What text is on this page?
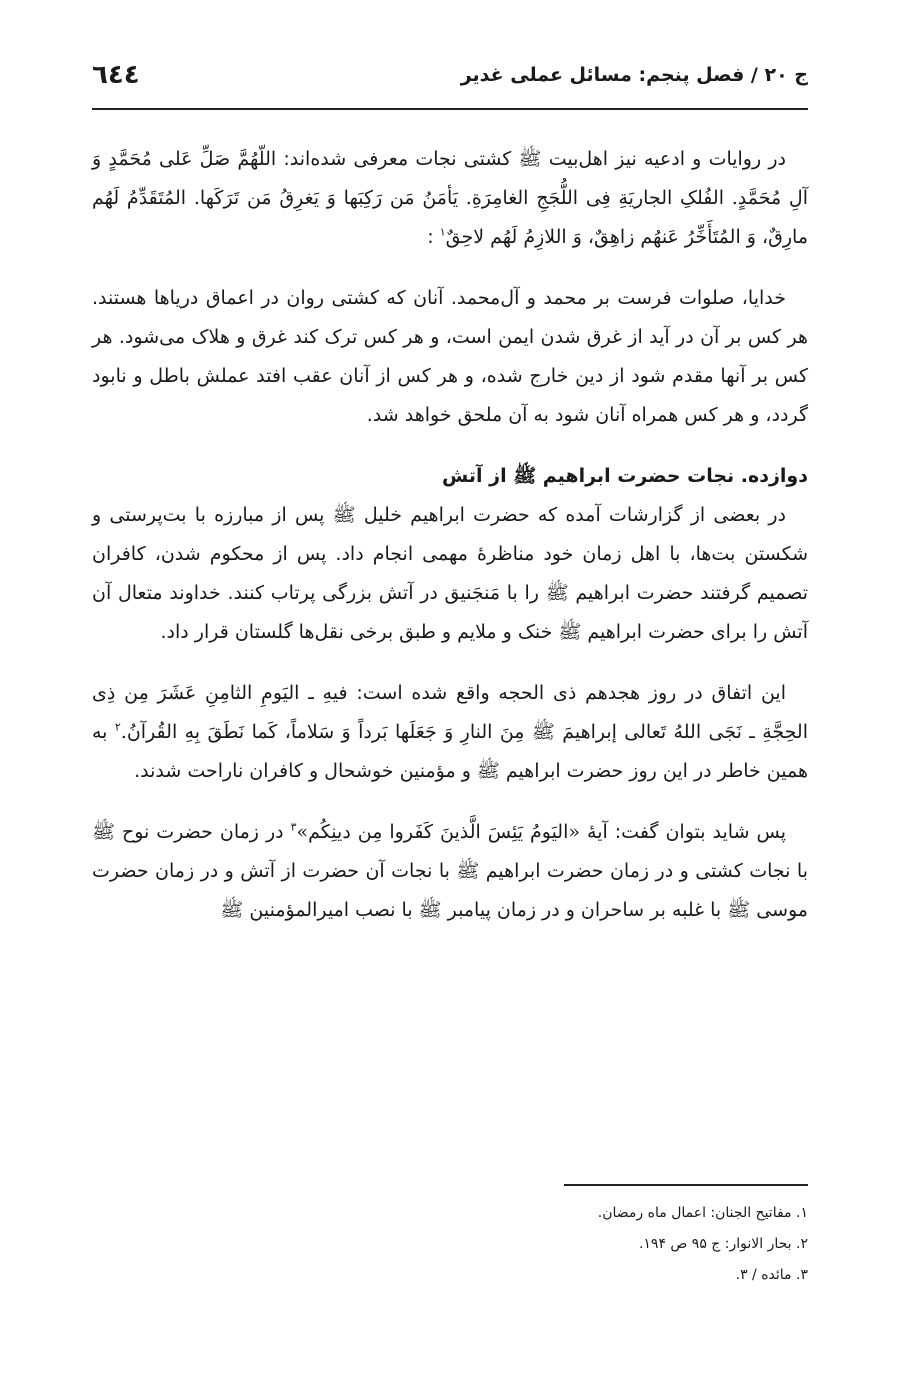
ج ۲۰ / فصل پنجم: مسائل عملی غدیر
٦٤٤

در روایات و ادعیه نیز اهل‌بیت ﷺ کشتی نجات معرفی شده‌اند: اللّهُمَّ صَلِّ عَلی مُحَمَّدٍ وَ آلِ مُحَمَّدٍ. الفُلکِ الجاریَةِ فِی اللُّجَجِ الغامِرَةِ. یَأمَنُ مَن رَکِبَها وَ یَغرِقُ مَن تَرَکَها. المُتَقَدِّمُ لَهُم مارِقٌ، وَ المُتَأَخِّرُ عَنهُم زاهِقٌ، وَ اللازِمُ لَهُم لاحِقٌ$^۱$ :

خدایا، صلوات فرست بر محمد و آل‌محمد. آنان که کشتی روان در اعماق دریاها هستند. هر کس بر آن در آید از غرق شدن ایمن است، و هر کس ترک کند غرق و هلاک می‌شود. هر کس بر آنها مقدم شود از دین خارج شده، و هر کس از آنان عقب افتد عملش باطل و نابود گردد، و هر کس همراه آنان شود به آن ملحق خواهد شد.

دوازده. نجات حضرت ابراهیم ﷺ از آتش

در بعضی از گزارشات آمده که حضرت ابراهیم خلیل ﷺ پس از مبارزه با بت‌پرستی و شکستن بت‌ها، با اهل زمان خود مناظرهٔ مهمی انجام داد. پس از محکوم شدن، کافران تصمیم گرفتند حضرت ابراهیم ﷺ را با مَنجَنیق در آتش بزرگی پرتاب کنند. خداوند متعال آن آتش را برای حضرت ابراهیم ﷺ خنک و ملایم و طبق برخی نقل‌ها گلستان قرار داد.

این اتفاق در روز هجدهم ذی الحجه واقع شده است: فیهِ ـ الیَومِ الثامِنِ عَشَرَ مِن ذِی الحِجَّةِ ـ نَجَی اللهُ تَعالی إبراهیمَ ﷺ مِنَ النارِ وَ جَعَلَها بَرداً وَ سَلاماً، کَما نَطَقَ بِهِ القُرآنُ.$^۲$ به همین خاطر در این روز حضرت ابراهیم ﷺ و مؤمنین خوشحال و کافران ناراحت شدند.

پس شاید بتوان گفت: آیهٔ «الیَومُ یَئِسَ الَّذینَ کَفَروا مِن دینِکُم»$^۳$ در زمان حضرت نوح ﷺ با نجات کشتی و در زمان حضرت ابراهیم ﷺ با نجات آن حضرت از آتش و در زمان حضرت موسی ﷺ با غلبه بر ساحران و در زمان پیامبر ﷺ با نصب امیرالمؤمنین ﷺ

۱. مفاتیح الجنان: اعمال ماه رمضان.
۲. بحار الانوار: ج ۹۵ ص ۱۹۴.
۳. مائده / ۳.
